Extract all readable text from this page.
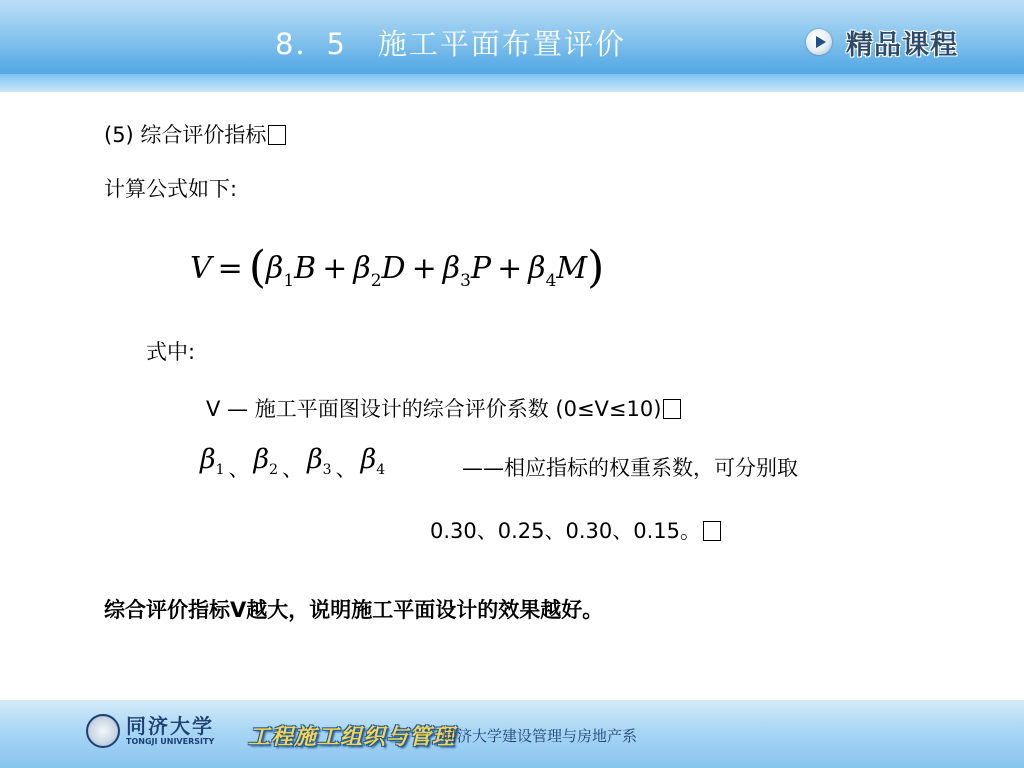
8．5　施工平面布置评价	精品课程
(5) 综合评价指标
计算公式如下:
$V = (\beta_1B + \beta_2D + \beta_3P + \beta_4M)$
式中:
V — 施工平面图设计的综合评价系数 (0≤V≤10)
$\beta_1$ $_、$ $\beta_2$ $_、$ $\beta_3$ $_、$ $\beta_4$	——相应指标的权重系数，可分别取
0.30、0.25、0.30、0.15。
综合评价指标V越大，说明施工平面设计的效果越好。
同济大学
TONGJI UNIVERSITY 工程施工组织与管理
同济大学建设管理与房地产系
